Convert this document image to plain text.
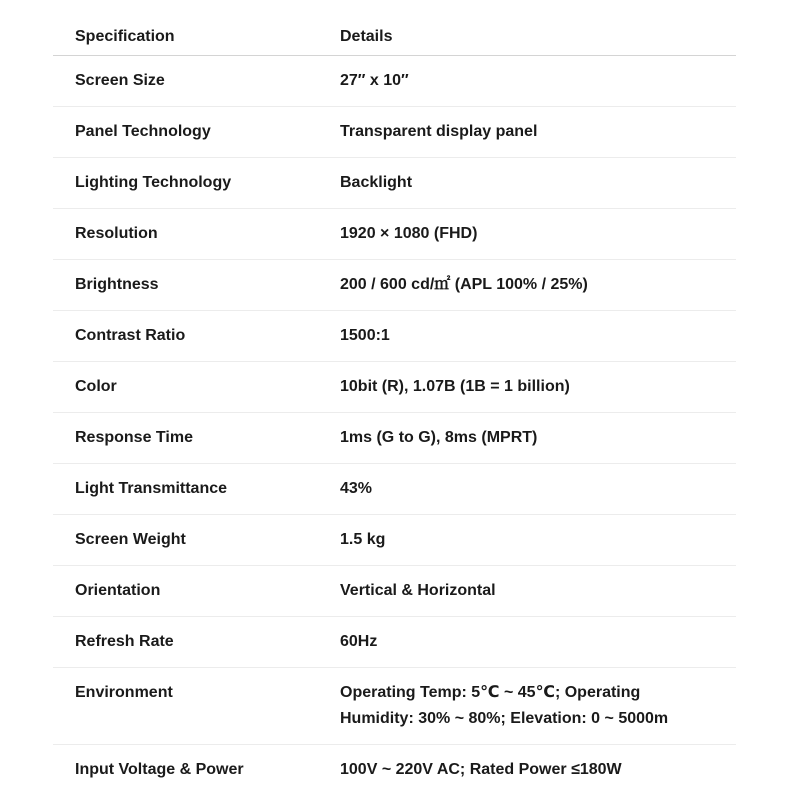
Specification	Details
Screen Size	27″ x 10″

Panel Technology	Transparent display panel

Lighting Technology	Backlight

Resolution	1920 × 1080 (FHD)

Brightness	200 / 600 cd/㎡ (APL 100% / 25%)

Contrast Ratio	1500:1

Color	10bit (R), 1.07B (1B = 1 billion)

Response Time	1ms (G to G), 8ms (MPRT)

Light Transmittance	43%

Screen Weight	1.5 kg

Orientation	Vertical & Horizontal

Refresh Rate	60Hz

Environment	Operating Temp: 5℃ ~ 45℃; Operating
Humidity: 30% ~ 80%; Elevation: 0 ~ 5000m

Input Voltage & Power	100V ~ 220V AC; Rated Power ≤180W
